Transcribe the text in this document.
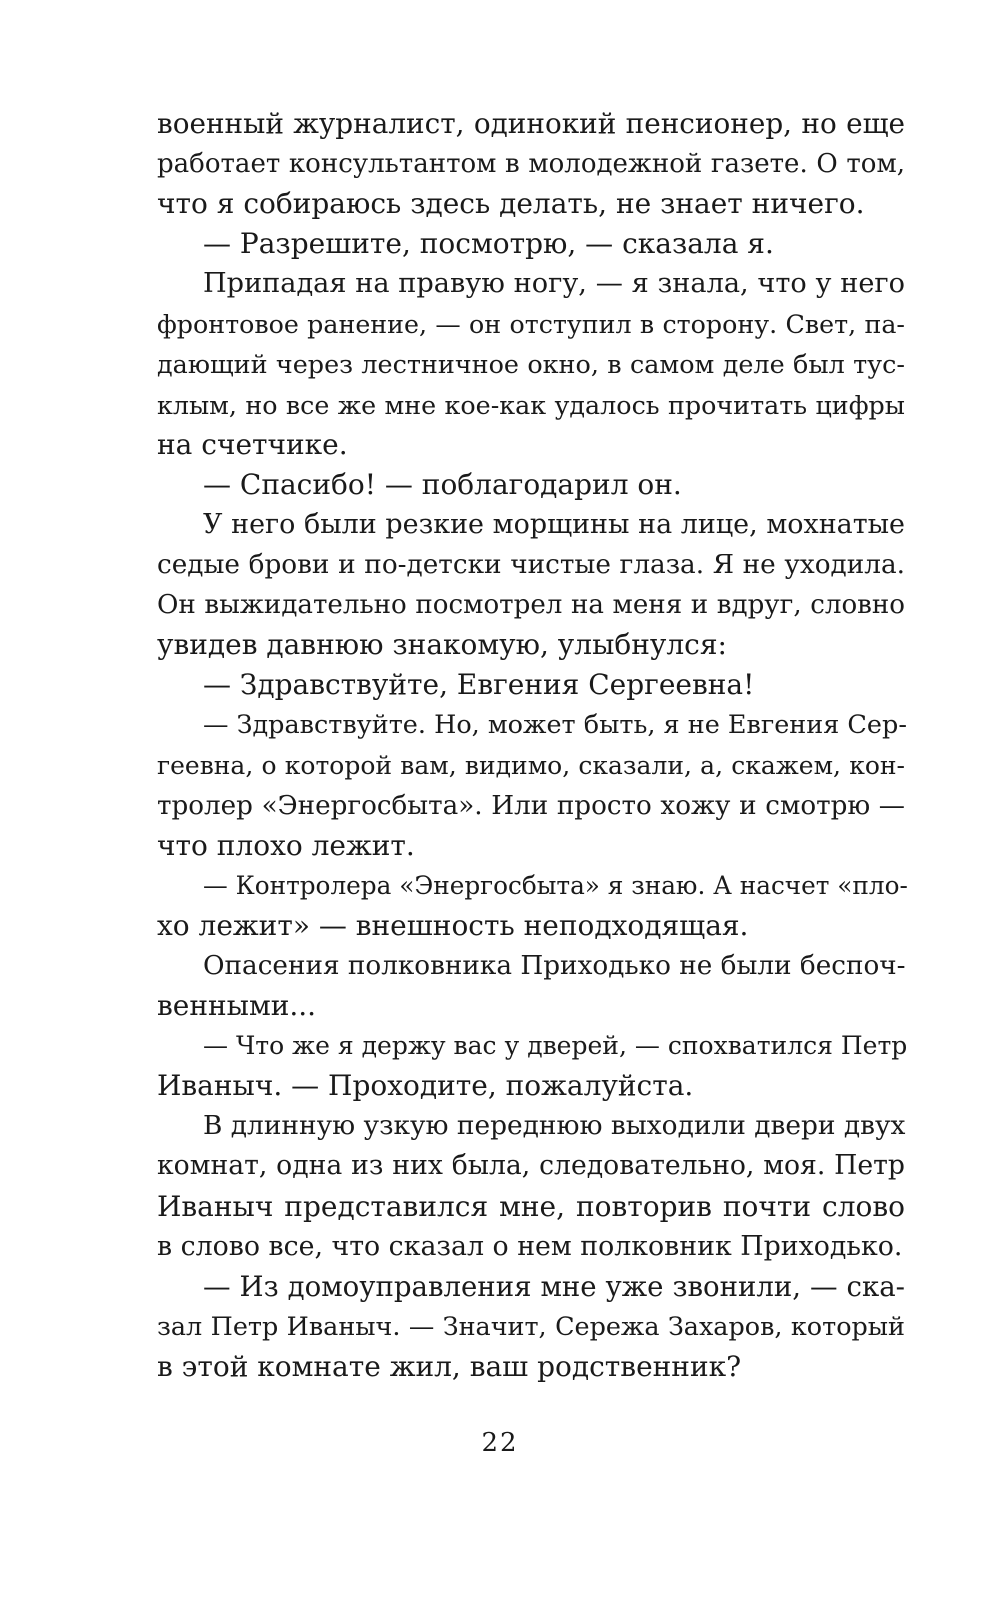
военный журналист, одинокий пенсионер, но еще
работает консультантом в молодежной газете. О том,
что я собираюсь здесь делать, не знает ничего.
— Разрешите, посмотрю, — сказала я.
Припадая на правую ногу, — я знала, что у него
фронтовое ранение, — он отступил в сторону. Свет, па-
дающий через лестничное окно, в самом деле был тус-
клым, но все же мне кое-как удалось прочитать цифры
на счетчике.
— Спасибо! — поблагодарил он.
У него были резкие морщины на лице, мохнатые
седые брови и по-детски чистые глаза. Я не уходила.
Он выжидательно посмотрел на меня и вдруг, словно
увидев давнюю знакомую, улыбнулся:
— Здравствуйте, Евгения Сергеевна!
— Здравствуйте. Но, может быть, я не Евгения Сер-
геевна, о которой вам, видимо, сказали, а, скажем, кон-
тролер «Энергосбыта». Или просто хожу и смотрю —
что плохо лежит.
— Контролера «Энергосбыта» я знаю. А насчет «пло-
хо лежит» — внешность неподходящая.
Опасения полковника Приходько не были беспоч-
венными...
— Что же я держу вас у дверей, — спохватился Петр
Иваныч. — Проходите, пожалуйста.
В длинную узкую переднюю выходили двери двух
комнат, одна из них была, следовательно, моя. Петр
Иваныч представился мне, повторив почти слово
в слово все, что сказал о нем полковник Приходько.
— Из домоуправления мне уже звонили, — ска-
зал Петр Иваныч. — Значит, Сережа Захаров, который
в этой комнате жил, ваш родственник?
22
